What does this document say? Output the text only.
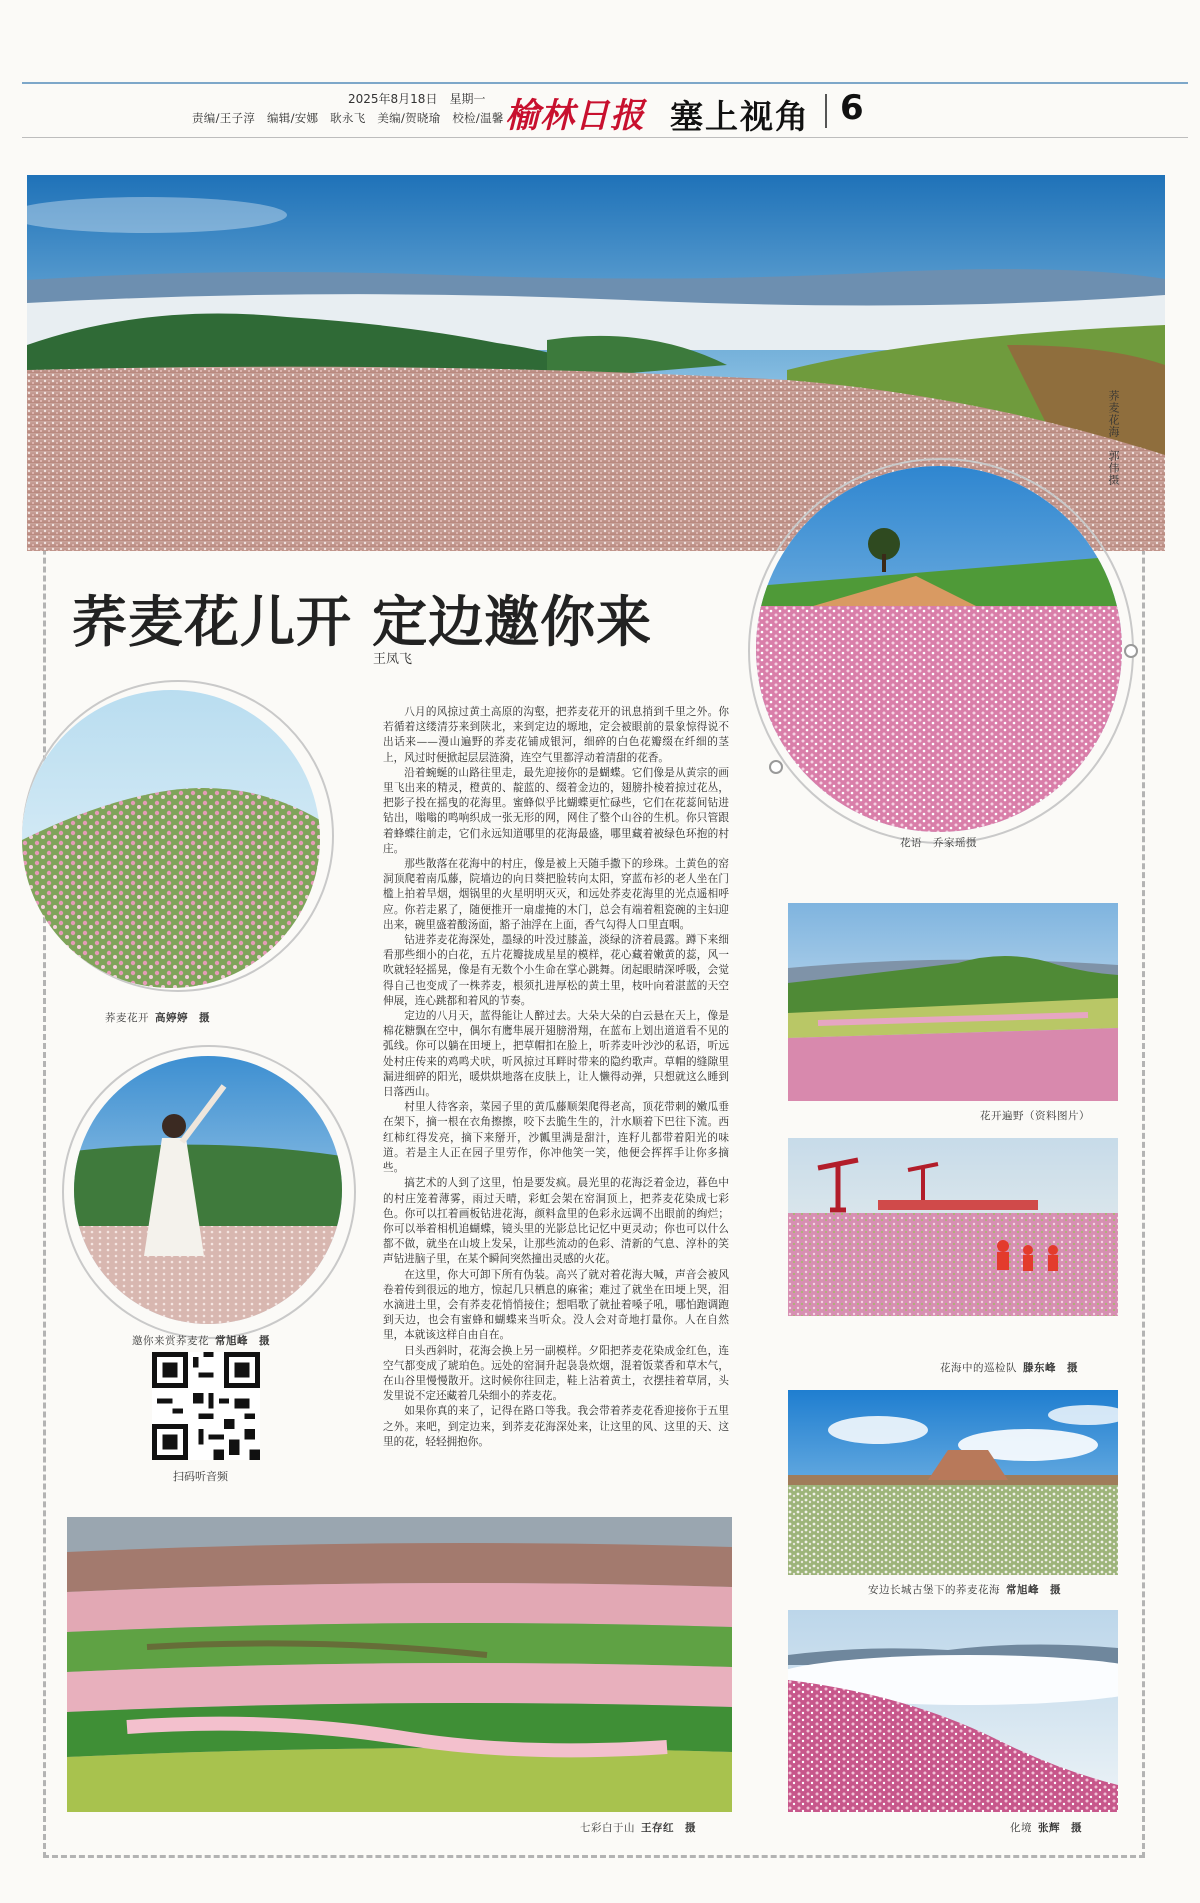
2025年8月18日　星期一
责编/王子淳　编辑/安娜　耿永飞　美编/贺晓瑜　校检/温馨 榆林日报 塞上视角 6
荞麦花海　郭伟摄
荞麦花儿开 定边邀你来
王凤飞
花语　乔家瑶摄
荞麦花开 高婷婷　摄
邀你来赏荞麦花 常旭峰　摄
扫码听音频

八月的风掠过黄土高原的沟壑，把荞麦花开的讯息捎到千里之外。你若循着这缕清芬来到陕北，来到定边的塬地，定会被眼前的景象惊得说不出话来——漫山遍野的荞麦花铺成银河，细碎的白色花瓣缀在纤细的茎上，风过时便掀起层层涟漪，连空气里都浮动着清甜的花香。

沿着蜿蜒的山路往里走，最先迎接你的是蝴蝶。它们像是从黄宗的画里飞出来的精灵，橙黄的、靛蓝的、缀着金边的，翅膀扑棱着掠过花丛，把影子投在摇曳的花海里。蜜蜂似乎比蝴蝶更忙碌些，它们在花蕊间钻进钻出，嗡嗡的鸣响织成一张无形的网，网住了整个山谷的生机。你只管跟着蜂蝶往前走，它们永远知道哪里的花海最盛，哪里藏着被绿色环抱的村庄。

那些散落在花海中的村庄，像是被上天随手撒下的珍珠。土黄色的窑洞顶爬着南瓜藤，院墙边的向日葵把脸转向太阳，穿蓝布衫的老人坐在门槛上拍着旱烟，烟锅里的火星明明灭灭，和远处荞麦花海里的光点遥相呼应。你若走累了，随便推开一扇虚掩的木门，总会有端着粗瓷碗的主妇迎出来，碗里盛着酸汤面，豁子油浮在上面，香气勾得人口里直咽。

钻进荞麦花海深处，墨绿的叶没过膝盖，淡绿的济着晨露。蹲下来细看那些细小的白花，五片花瓣拢成星星的模样，花心藏着嫩黄的蕊，风一吹就轻轻摇晃，像是有无数个小生命在掌心跳舞。闭起眼睛深呼吸，会觉得自己也变成了一株荞麦，根须扎进厚松的黄土里，枝叶向着湛蓝的天空伸展，连心跳都和着风的节奏。

定边的八月天，蓝得能让人醉过去。大朵大朵的白云悬在天上，像是棉花糖飘在空中，偶尔有鹰隼展开翅膀滑翔，在蓝布上划出道道看不见的弧线。你可以躺在田埂上，把草帽扣在脸上，听荞麦叶沙沙的私语，听远处村庄传来的鸡鸣犬吠，听风掠过耳畔时带来的隐约歌声。草帽的缝隙里漏进细碎的阳光，暖烘烘地落在皮肤上，让人懒得动弹，只想就这么睡到日落西山。

村里人待客亲，菜园子里的黄瓜藤顺架爬得老高，顶花带刺的嫩瓜垂在架下，摘一根在衣角擦擦，咬下去脆生生的，汁水顺着下巴往下流。西红柿红得发亮，摘下来掰开，沙瓤里满是甜汁，连籽儿都带着阳光的味道。若是主人正在园子里劳作，你冲他笑一笑，他便会挥挥手让你多摘些。

搞艺术的人到了这里，怕是要发疯。晨光里的花海泛着金边，暮色中的村庄笼着薄雾，雨过天晴，彩虹会架在窑洞顶上，把荞麦花染成七彩色。你可以扛着画板钻进花海，颜料盒里的色彩永远调不出眼前的绚烂；你可以举着相机追蝴蝶，镜头里的光影总比记忆中更灵动；你也可以什么都不做，就坐在山坡上发呆，让那些流动的色彩、清新的气息、淳朴的笑声钻进脑子里，在某个瞬间突然撞出灵感的火花。

在这里，你大可卸下所有伪装。高兴了就对着花海大喊，声音会被风卷着传到很远的地方，惊起几只栖息的麻雀；难过了就坐在田埂上哭，泪水滴进土里，会有荞麦花悄悄接住；想唱歌了就扯着嗓子吼，哪怕跑调跑到天边，也会有蜜蜂和蝴蝶来当听众。没人会对奇地打量你。人在自然里，本就该这样自由自在。

日头西斜时，花海会换上另一副模样。夕阳把荞麦花染成金红色，连空气都变成了琥珀色。远处的窑洞升起袅袅炊烟，混着饭菜香和草木气，在山谷里慢慢散开。这时候你往回走，鞋上沾着黄土，衣摆挂着草屑，头发里说不定还藏着几朵细小的荞麦花。

如果你真的来了，记得在路口等我。我会带着荞麦花香迎接你于五里之外。来吧，到定边来，到荞麦花海深处来，让这里的风、这里的天、这里的花，轻轻拥抱你。

花开遍野（资料图片）
花海中的巡检队 滕东峰　摄
安边长城古堡下的荞麦花海 常旭峰　摄
化境 张辉　摄
七彩白于山 王存红　摄
